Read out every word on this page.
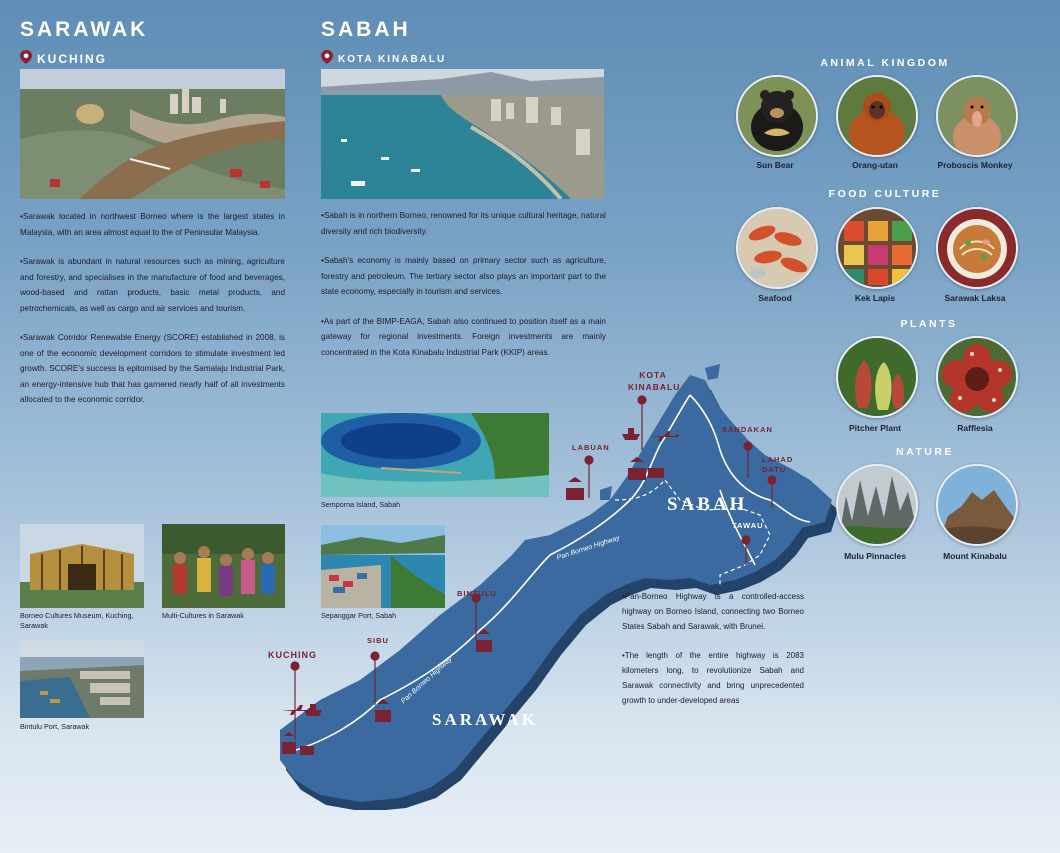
SARAWAK
KUCHING
SABAH
KOTA KINABALU

•Sarawak located in northwest Borneo where is the largest states in Malaysia, with an area almost equal to the of Peninsular Malaysia.

•Sarawak is abundant in natural resources such as mining, agriculture and forestry, and specialises in the manufacture of food and beverages, wood-based and rattan products, basic metal products, and petrochemicals, as well as cargo and air services and tourism.

•Sarawak Corridor Renewable Energy (SCORE) established in 2008, is one of the economic development corridors to stimulate investment led growth. SCORE's success is epitomised by the Samalaju Industrial Park, an energy-intensive hub that has garnered nearly half of all investments allocated to the economic corridor.

•Sabah is in northern Borneo, renowned for its unique cultural heritage, natural diversity and rich biodiversity.

•Sabah's economy is mainly based on primary sector such as agriculture, forestry and petroleum. The tertiary sector also plays an important part to the state economy, especially in tourism and services.

•As part of the BIMP-EAGA, Sabah also continued to position itself as a main gateway for regional investments. Foreign investments are mainly concentrated in the Kota Kinabalu Industrial Park (KKIP) areas.

Semporna Island, Sabah
Sepanggar Port, Sabah
Borneo Cultures Museum, Kuching, Sarawak
Multi-Cultures in Sarawak
Bintulu Port, Sarawak
KOTA KINABALU
LABUAN
SANDAKAN
LAHAD DATU
TAWAU
BINTULU
SIBU
KUCHING
SABAH
SARAWAK
Pan Borneo Highway
Pan Borneo Highway

•Pan-Borneo Highway is a controlled-access highway on Borneo Island, connecting two Borneo States Sabah and Sarawak, with Brunei.

•The length of the entire highway is 2083 kilometers long, to revolutionize Sabah and Sarawak connectivity and bring unprecedented growth to under-developed areas

ANIMAL KINGDOM
Sun Bear	Orang-utan	Proboscis Monkey
FOOD CULTURE
Seafood	Kek Lapis	Sarawak Laksa
PLANTS
Pitcher Plant	Rafflesia
NATURE
Mulu Pinnacles	Mount Kinabalu
